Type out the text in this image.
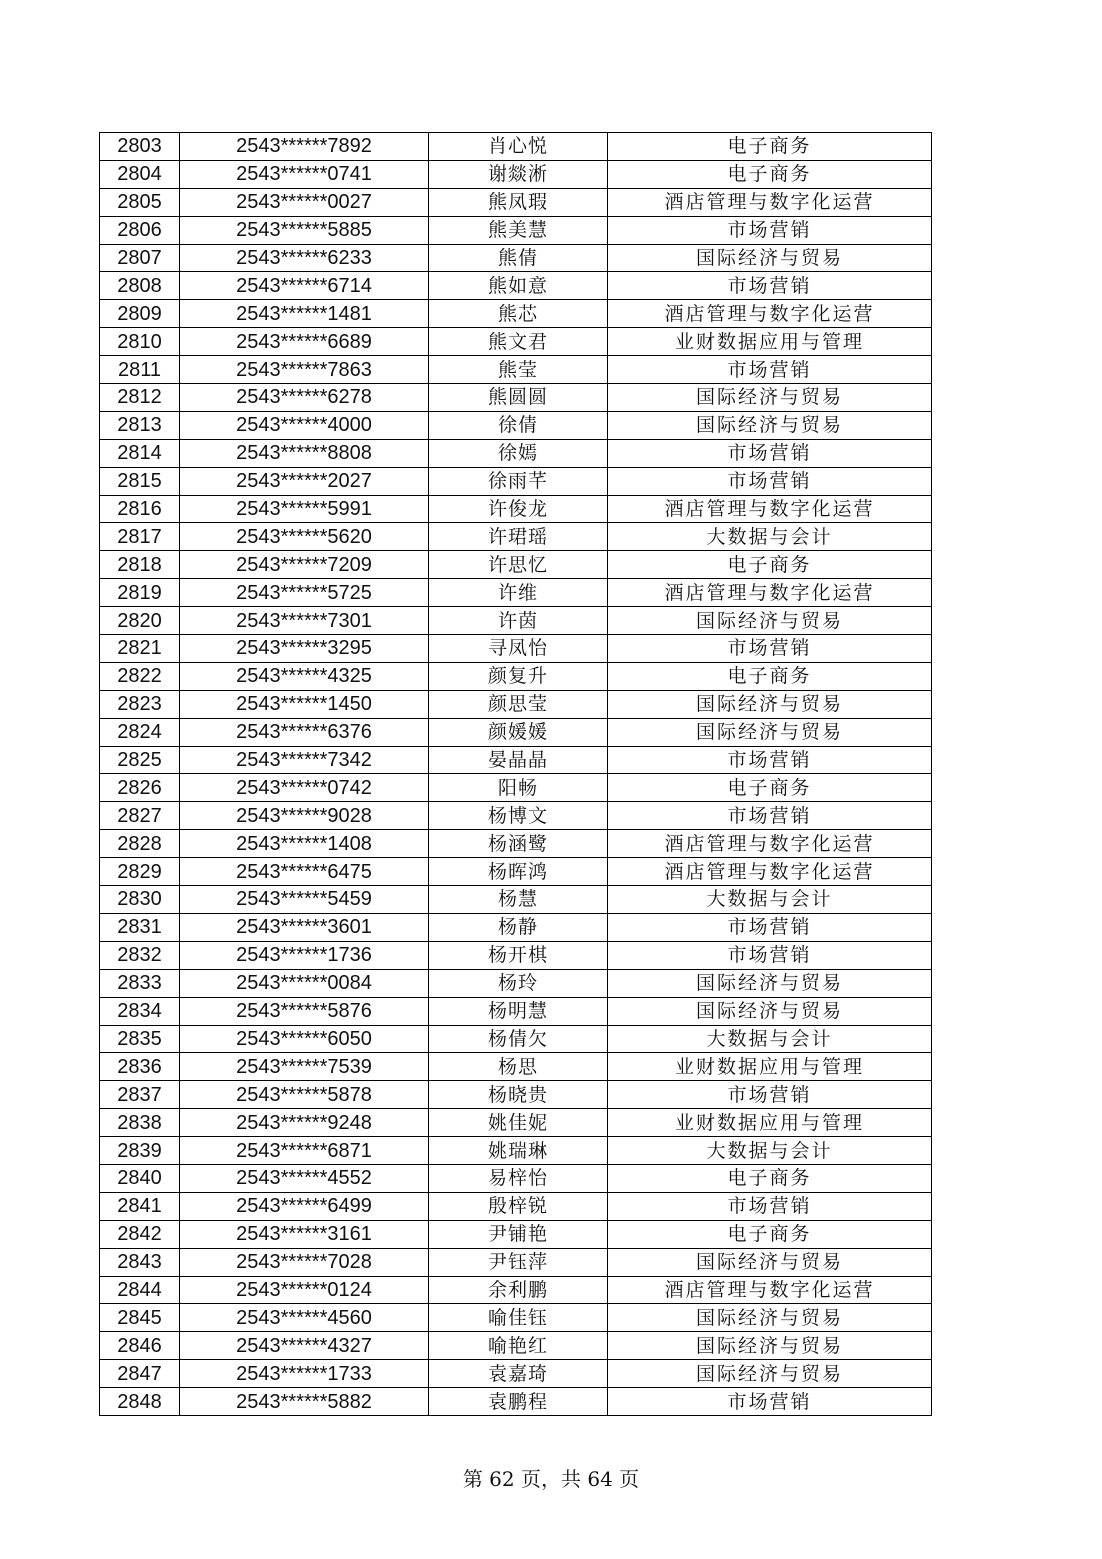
2803	2543******7892	肖心悦	电子商务
2804	2543******0741	谢燚淅	电子商务
2805	2543******0027	熊凤瑕	酒店管理与数字化运营
2806	2543******5885	熊美慧	市场营销
2807	2543******6233	熊倩	国际经济与贸易
2808	2543******6714	熊如意	市场营销
2809	2543******1481	熊芯	酒店管理与数字化运营
2810	2543******6689	熊文君	业财数据应用与管理
2811	2543******7863	熊莹	市场营销
2812	2543******6278	熊圆圆	国际经济与贸易
2813	2543******4000	徐倩	国际经济与贸易
2814	2543******8808	徐嫣	市场营销
2815	2543******2027	徐雨芊	市场营销
2816	2543******5991	许俊龙	酒店管理与数字化运营
2817	2543******5620	许珺瑶	大数据与会计
2818	2543******7209	许思忆	电子商务
2819	2543******5725	许维	酒店管理与数字化运营
2820	2543******7301	许茵	国际经济与贸易
2821	2543******3295	寻凤怡	市场营销
2822	2543******4325	颜复升	电子商务
2823	2543******1450	颜思莹	国际经济与贸易
2824	2543******6376	颜媛媛	国际经济与贸易
2825	2543******7342	晏晶晶	市场营销
2826	2543******0742	阳畅	电子商务
2827	2543******9028	杨博文	市场营销
2828	2543******1408	杨涵鹭	酒店管理与数字化运营
2829	2543******6475	杨晖鸿	酒店管理与数字化运营
2830	2543******5459	杨慧	大数据与会计
2831	2543******3601	杨静	市场营销
2832	2543******1736	杨开棋	市场营销
2833	2543******0084	杨玲	国际经济与贸易
2834	2543******5876	杨明慧	国际经济与贸易
2835	2543******6050	杨倩欠	大数据与会计
2836	2543******7539	杨思	业财数据应用与管理
2837	2543******5878	杨晓贵	市场营销
2838	2543******9248	姚佳妮	业财数据应用与管理
2839	2543******6871	姚瑞琳	大数据与会计
2840	2543******4552	易梓怡	电子商务
2841	2543******6499	殷梓锐	市场营销
2842	2543******3161	尹铺艳	电子商务
2843	2543******7028	尹钰萍	国际经济与贸易
2844	2543******0124	余利鹏	酒店管理与数字化运营
2845	2543******4560	喻佳钰	国际经济与贸易
2846	2543******4327	喻艳红	国际经济与贸易
2847	2543******1733	袁嘉琦	国际经济与贸易
2848	2543******5882	袁鹏程	市场营销
第 62 页，共 64 页
